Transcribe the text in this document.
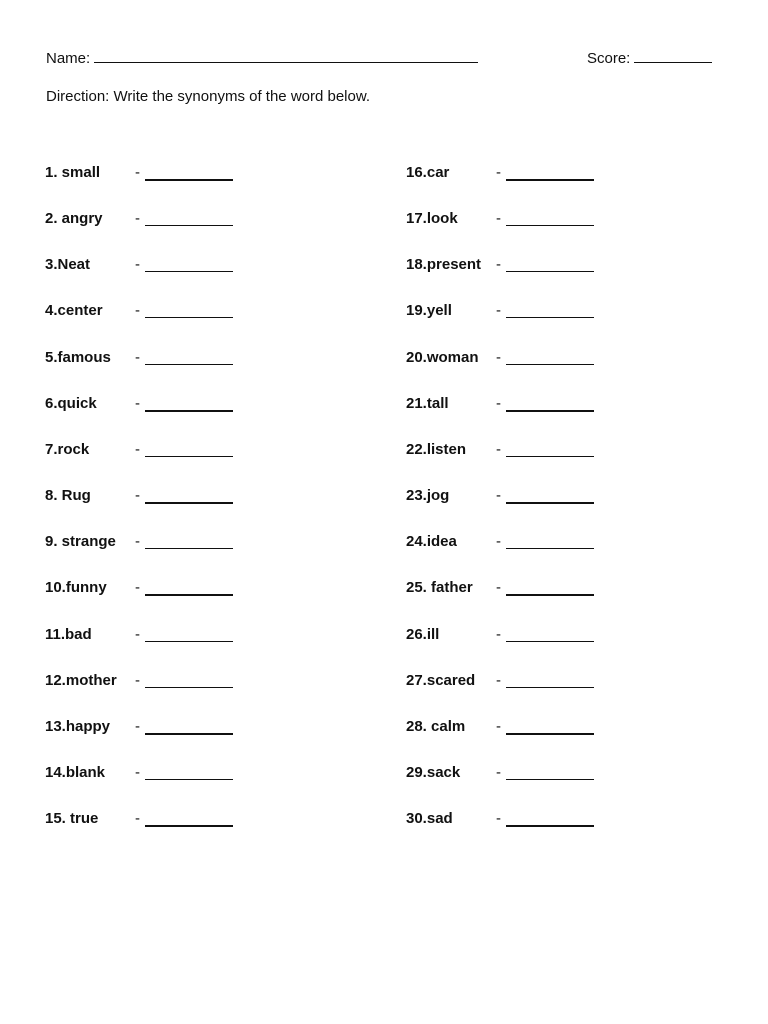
Name:	Score:
Direction: Write the synonyms of the word below.
1. small -
2. angry -
3.Neat	-
4.center -
5.famous -
6.quick	-
7.rock	-
8. Rug	-
9. strange -
10.funny -
11.bad	-
12.mother -
13.happy -
14.blank -
15. true -
16.car	-
17.look	-
18.present -
19.yell	-
20.woman -
21.tall	-
22.listen -
23.jog	-
24.idea	-
25. father -
26.ill	-
27.scared -
28. calm -
29.sack -
30.sad	-
